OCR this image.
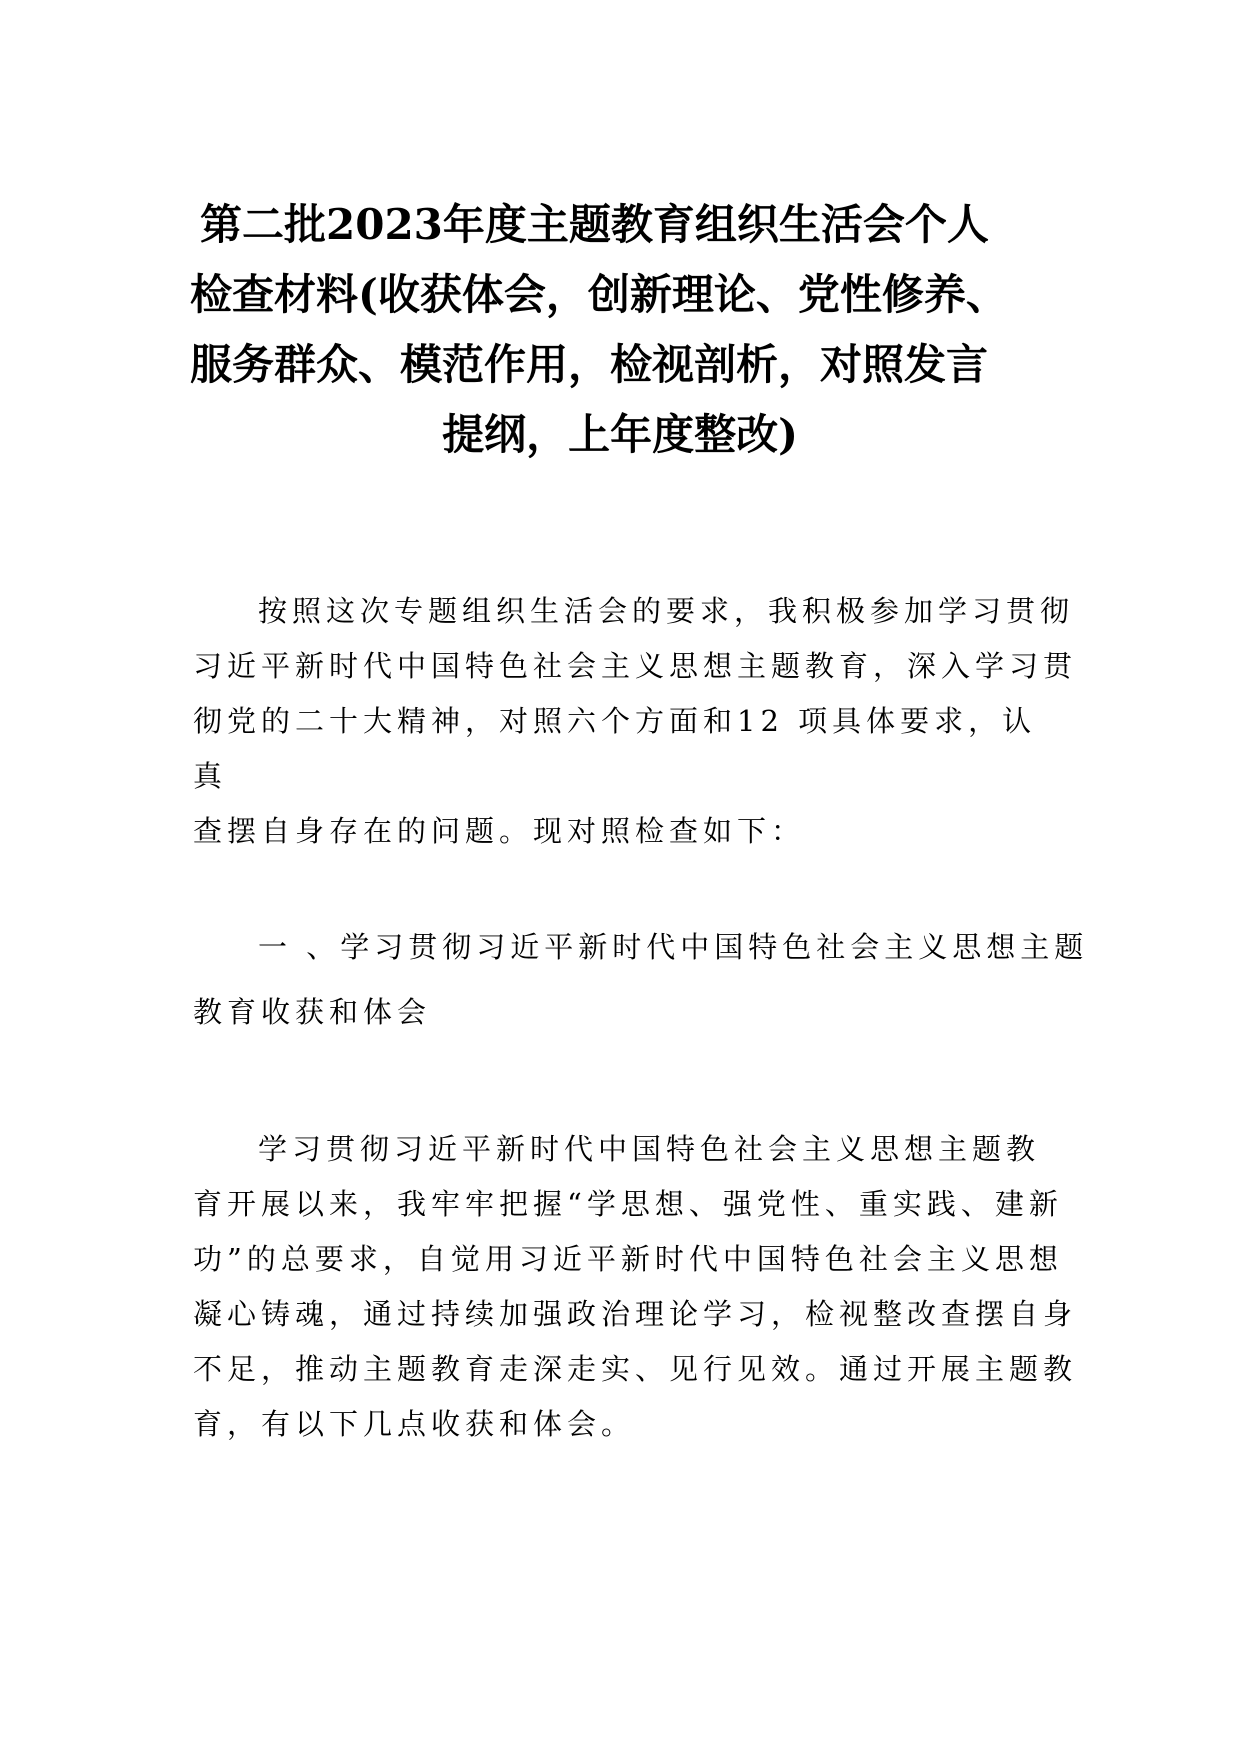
第二批2023年度主题教育组织生活会个人
检查材料(收获体会，创新理论、党性修养、
服务群众、模范作用，检视剖析，对照发言
提纲，上年度整改)
按照这次专题组织生活会的要求，我积极参加学习贯彻
习近平新时代中国特色社会主义思想主题教育，深入学习贯
彻党的二十大精神，对照六个方面和12 项具体要求，认
真
查摆自身存在的问题。现对照检查如下：
一 、学习贯彻习近平新时代中国特色社会主义思想主题
教育收获和体会
学习贯彻习近平新时代中国特色社会主义思想主题教
育开展以来，我牢牢把握“学思想、强党性、重实践、建新
功”的总要求，自觉用习近平新时代中国特色社会主义思想
凝心铸魂，通过持续加强政治理论学习，检视整改查摆自身
不足，推动主题教育走深走实、见行见效。通过开展主题教
育，有以下几点收获和体会。
